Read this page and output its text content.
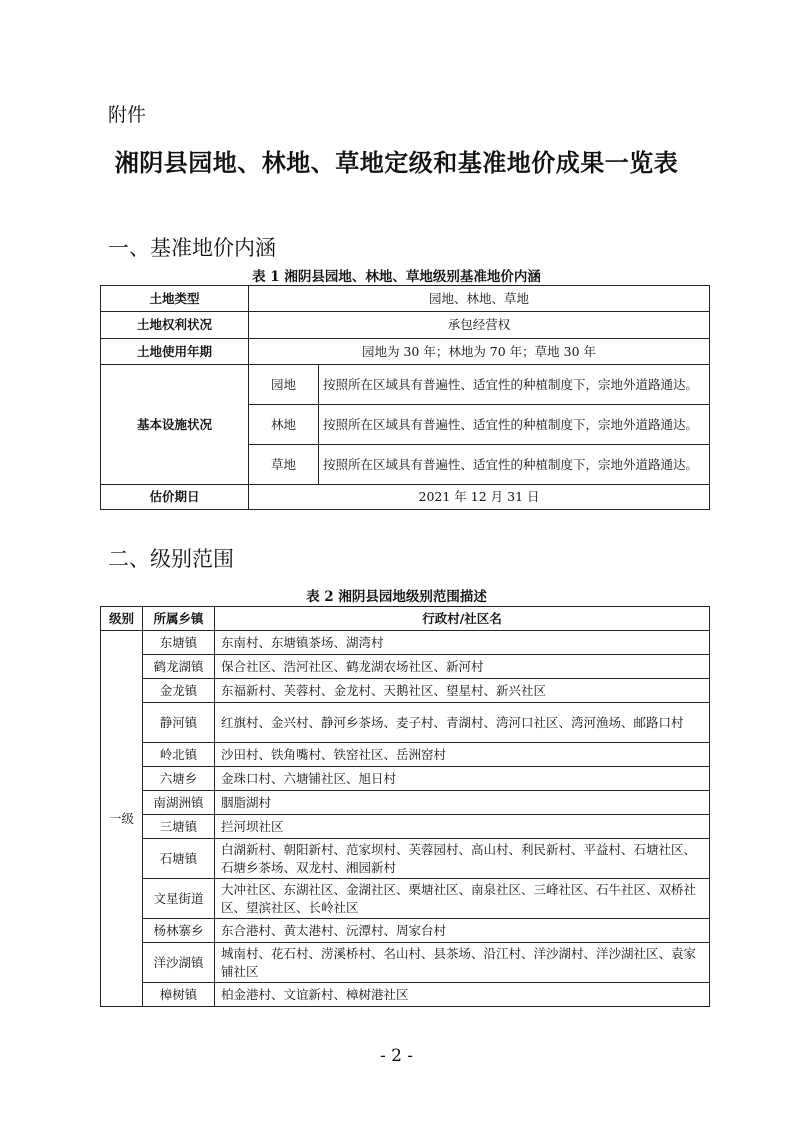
附件
湘阴县园地、林地、草地定级和基准地价成果一览表
一、基准地价内涵
表 1 湘阴县园地、林地、草地级别基准地价内涵
土地类型	园地、林地、草地	
土地权利状况	承包经营权	
土地使用年期	园地为 30 年；林地为 70 年；草地 30 年	
基本设施状况	园地	按照所在区域具有普遍性、适宜性的种植制度下，宗地外道路通达。
	林地	按照所在区域具有普遍性、适宜性的种植制度下，宗地外道路通达。
	草地	按照所在区域具有普遍性、适宜性的种植制度下，宗地外道路通达。
估价期日	2021 年 12 月 31 日	
二、级别范围
表 2 湘阴县园地级别范围描述
级别	所属乡镇	行政村/社区名
一级	东塘镇	东南村、东塘镇茶场、湖湾村
	鹤龙湖镇	保合社区、浩河社区、鹤龙湖农场社区、新河村
	金龙镇	东福新村、芙蓉村、金龙村、天鹅社区、望星村、新兴社区
	静河镇	红旗村、金兴村、静河乡茶场、麦子村、青湖村、湾河口社区、湾河渔场、邮路口村
	岭北镇	沙田村、铁角嘴村、铁窑社区、岳洲窑村
	六塘乡	金珠口村、六塘铺社区、旭日村
	南湖洲镇	胭脂湖村
	三塘镇	拦河坝社区
	石塘镇	白湖新村、朝阳新村、范家坝村、芙蓉园村、高山村、利民新村、平益村、石塘社区、石塘乡茶场、双龙村、湘园新村
	文星街道	大冲社区、东湖社区、金湖社区、栗塘社区、南泉社区、三峰社区、石牛社区、双桥社区、望滨社区、长岭社区
	杨林寨乡	东合港村、黄太港村、沅潭村、周家台村
	洋沙湖镇	城南村、花石村、涝溪桥村、名山村、县茶场、沿江村、洋沙湖村、洋沙湖社区、袁家铺社区
	樟树镇	柏金港村、文谊新村、樟树港社区
- 2 -
